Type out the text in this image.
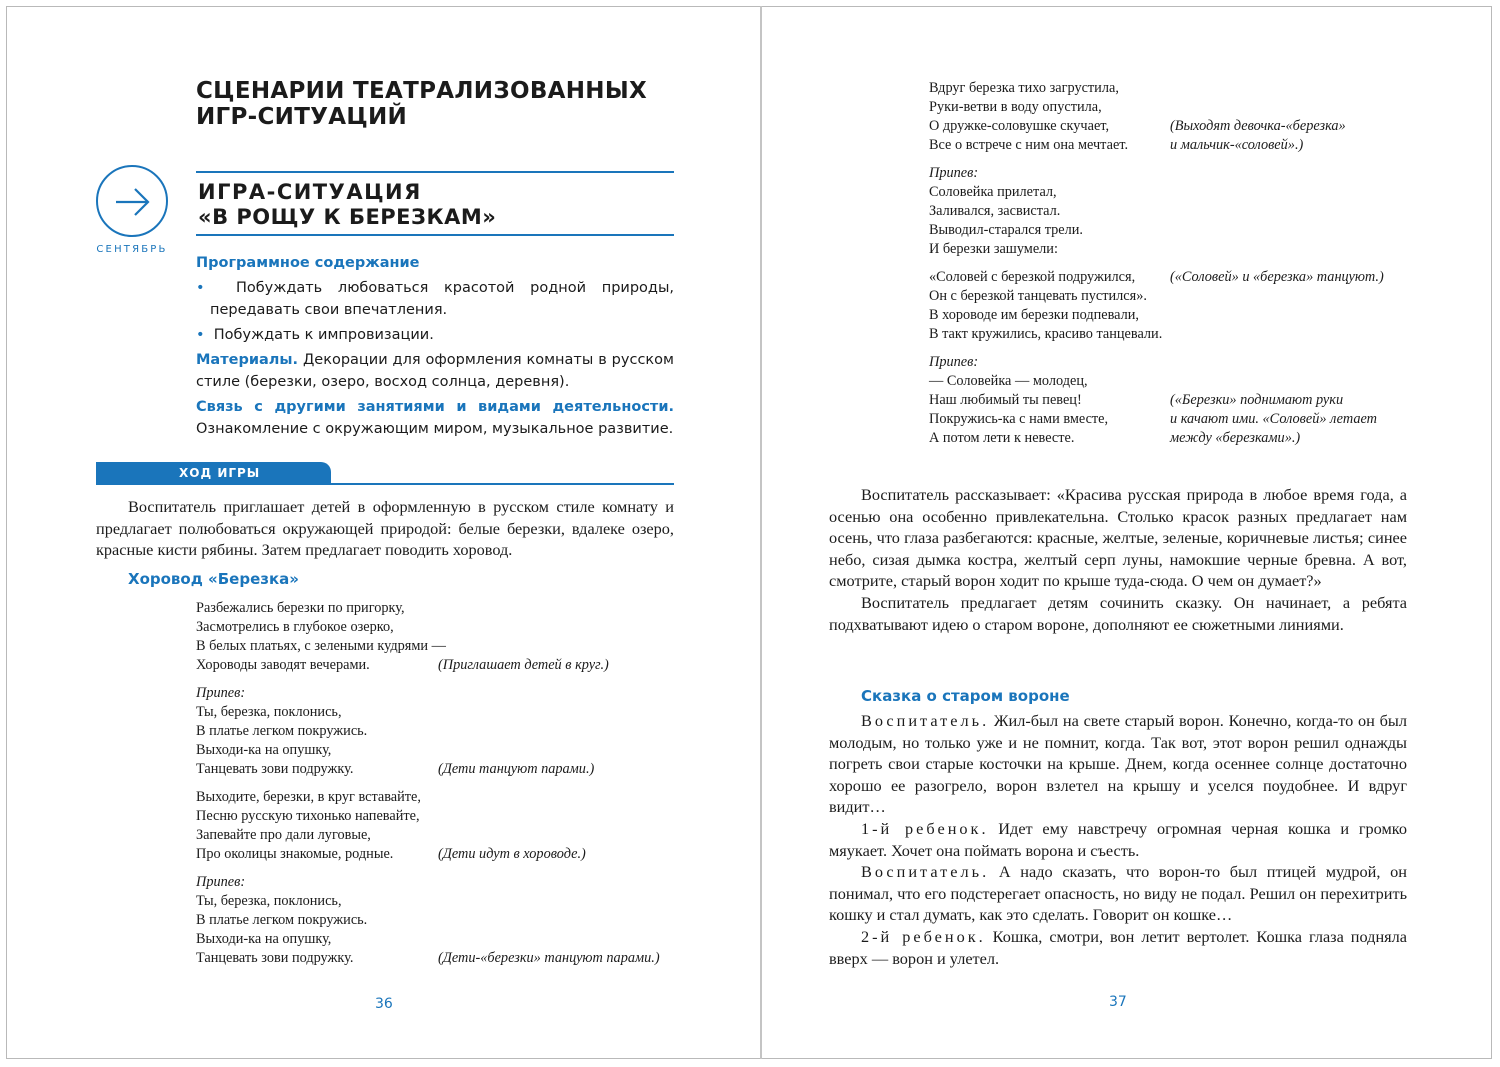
СЦЕНАРИИ ТЕАТРАЛИЗОВАННЫХ
ИГР-СИТУАЦИЙ
СЕНТЯБРЬ
ИГРА-СИТУАЦИЯ
«В РОЩУ К БЕРЕЗКАМ»

Программное содержание

• Побуждать любоваться красотой родной природы, передавать свои впечатления.

• Побуждать к импровизации.

Материалы. Декорации для оформления комнаты в русском стиле (березки, озеро, восход солнца, деревня).

Связь с другими занятиями и видами деятельности. Ознакомление с окружающим миром, музыкальное развитие.

ХОД ИГРЫ

Воспитатель приглашает детей в оформленную в русском стиле комнату и предлагает полюбоваться окружающей природой: белые березки, вдалеке озеро, красные кисти рябины. Затем предлагает поводить хоровод.

Хоровод «Березка»
Разбежались березки по пригорку,
Засмотрелись в глубокое озерко,
В белых платьях, с зелеными кудрями —
Хороводы заводят вечерами.	(Приглашает детей в круг.)
Припев:
Ты, березка, поклонись,
В платье легком покружись.
Выходи-ка на опушку,
Танцевать зови подружку.	(Дети танцуют парами.)
Выходите, березки, в круг вставайте,
Песню русскую тихонько напевайте,
Запевайте про дали луговые,
Про околицы знакомые, родные.	(Дети идут в хороводе.)
Припев:
Ты, березка, поклонись,
В платье легком покружись.
Выходи-ка на опушку,
Танцевать зови подружку.	(Дети-«березки» танцуют парами.)
36
Вдруг березка тихо загрустила,
Руки-ветви в воду опустила,
О дружке-соловушке скучает,
Все о встрече с ним она мечтает.
(Выходят девочка-«березка»
и мальчик-«соловей».)
Припев:
Соловейка прилетал,
Заливался, засвистал.
Выводил-старался трели.
И березки зашумели:
«Соловей с березкой подружился,
Он с березкой танцевать пустился».
В хороводе им березки подпевали,
В такт кружились, красиво танцевали.
(«Соловей» и «березка» танцуют.)
Припев:
— Соловейка — молодец,
Наш любимый ты певец!
Покружись-ка с нами вместе,
А потом лети к невесте.
(«Березки» поднимают руки
и качают ими. «Соловей» летает
между «березками».)

Воспитатель рассказывает: «Красива русская природа в любое время года, а осенью она особенно привлекательна. Столько красок разных предлагает нам осень, что глаза разбегаются: красные, желтые, зеленые, коричневые листья; синее небо, сизая дымка костра, желтый серп луны, намокшие черные бревна. А вот, смотрите, старый ворон ходит по крыше туда-сюда. О чем он думает?»

Воспитатель предлагает детям сочинить сказку. Он начинает, а ребята подхватывают идею о старом вороне, дополняют ее сюжетными линиями.

Сказка о старом вороне

Воспитатель. Жил-был на свете старый ворон. Конечно, когда-то он был молодым, но только уже и не помнит, когда. Так вот, этот ворон решил однажды погреть свои старые косточки на крыше. Днем, когда осеннее солнце достаточно хорошо ее разогрело, ворон взлетел на крышу и уселся поудобнее. И вдруг видит…

1-й ребенок. Идет ему навстречу огромная черная кошка и громко мяукает. Хочет она поймать ворона и съесть.

Воспитатель. А надо сказать, что ворон-то был птицей мудрой, он понимал, что его подстерегает опасность, но виду не подал. Решил он перехитрить кошку и стал думать, как это сделать. Говорит он кошке…

2-й ребенок. Кошка, смотри, вон летит вертолет. Кошка глаза подняла вверх — ворон и улетел.

37
